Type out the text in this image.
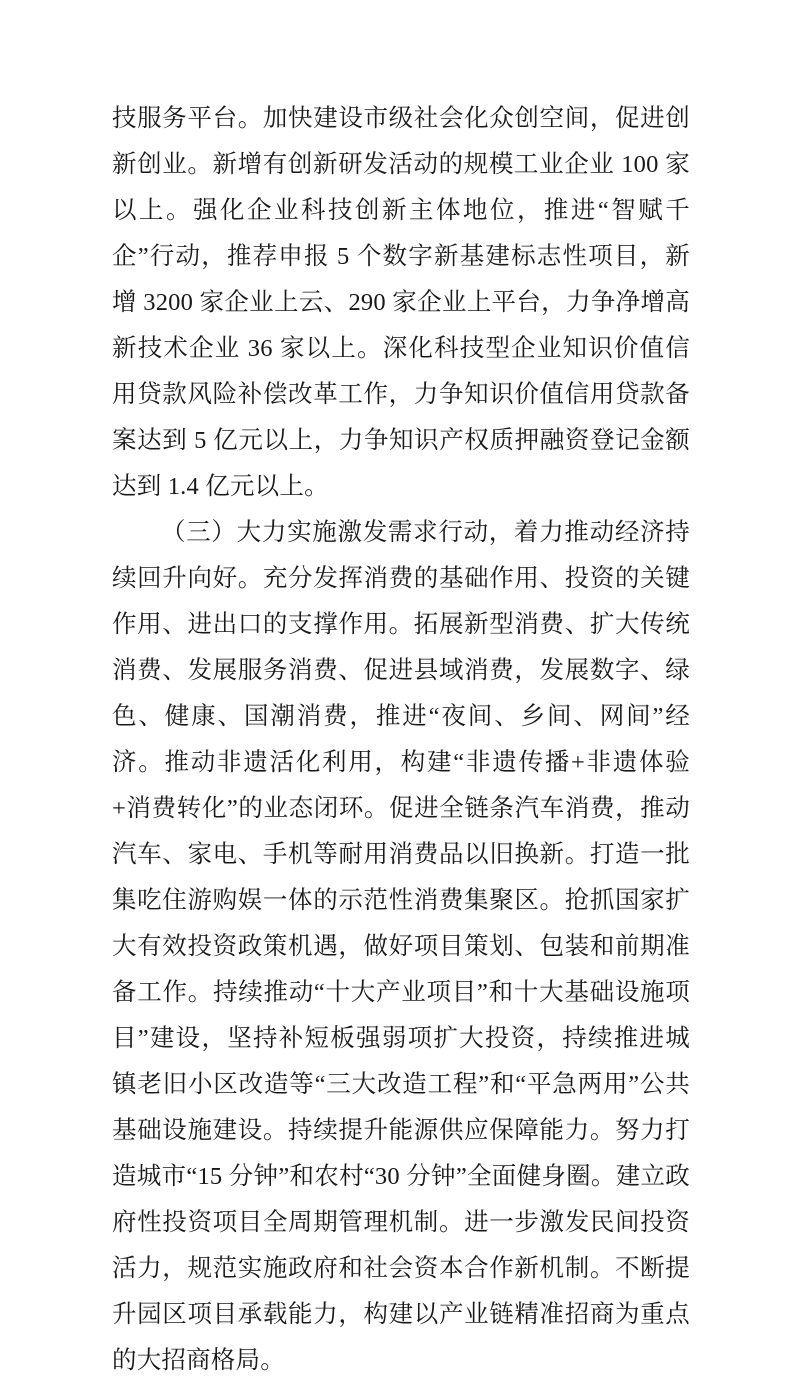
技服务平台。加快建设市级社会化众创空间，促进创新创业。新增有创新研发活动的规模工业企业 100 家以上。强化企业科技创新主体地位，推进“智赋千企”行动，推荐申报 5 个数字新基建标志性项目，新增 3200 家企业上云、290 家企业上平台，力争净增高新技术企业 36 家以上。深化科技型企业知识价值信用贷款风险补偿改革工作，力争知识价值信用贷款备案达到 5 亿元以上，力争知识产权质押融资登记金额达到 1.4 亿元以上。

（三）大力实施激发需求行动，着力推动经济持续回升向好。充分发挥消费的基础作用、投资的关键作用、进出口的支撑作用。拓展新型消费、扩大传统消费、发展服务消费、促进县域消费，发展数字、绿色、健康、国潮消费，推进“夜间、乡间、网间”经济。推动非遗活化利用，构建“非遗传播+非遗体验+消费转化”的业态闭环。促进全链条汽车消费，推动汽车、家电、手机等耐用消费品以旧换新。打造一批集吃住游购娱一体的示范性消费集聚区。抢抓国家扩大有效投资政策机遇，做好项目策划、包装和前期准备工作。持续推动“十大产业项目”和十大基础设施项目”建设，坚持补短板强弱项扩大投资，持续推进城镇老旧小区改造等“三大改造工程”和“平急两用”公共基础设施建设。持续提升能源供应保障能力。努力打造城市“15 分钟”和农村“30 分钟”全面健身圈。建立政府性投资项目全周期管理机制。进一步激发民间投资活力，规范实施政府和社会资本合作新机制。不断提升园区项目承载能力，构建以产业链精准招商为重点的大招商格局。
